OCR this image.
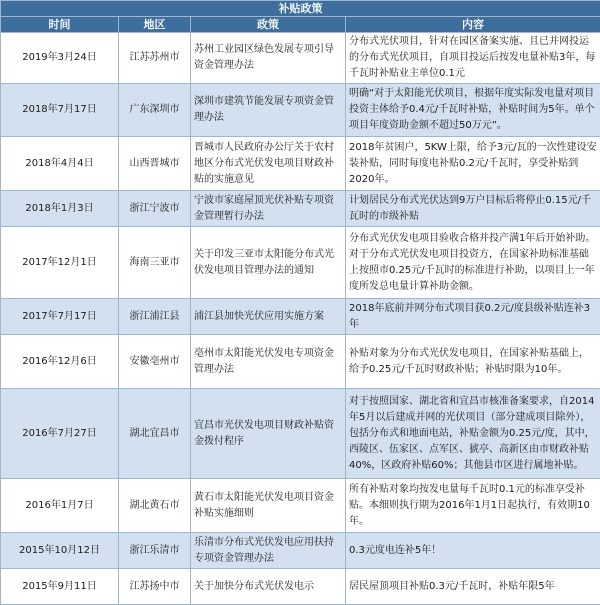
补贴政策			
时间	地区	政策	内容
2019年3月24日	江苏苏州市	苏州工业园区绿色发展专项引导资金管理办法	分布式光伏项目，针对在园区备案实施、且已并网投运的分布式光伏项目，自项目投运后按发电量补贴3年，每千瓦时补贴业主单位0.1元
2018年7月17日	广东深圳市	深圳市建筑节能发展专项资金管理办法	明确“对于太阳能光伏项目，根据年度实际发电量对项目投资主体给予0.4元/千瓦时补贴，补贴时间为5年。单个项目年度资助金额不超过50万元”。
2018年4月4日	山西晋城市	晋城市人民政府办公厅关于农村地区分布式光伏发电项目财政补贴的实施意见	2018年贫困户，5KW上限，给予3元/瓦的一次性建设安装补贴，同时每度电补贴0.2元/千瓦时，享受补贴到2020年。
2018年1月3日	浙江宁波市	宁波市家庭屋顶光伏补贴专项资金管理暂行办法	计划居民分布式光伏达到9万户目标后将停止0.15元/千瓦时的市级补贴
2017年12月1日	海南三亚市	关于印发三亚市太阳能分布式光伏发电项目管理办法的通知	分布式光伏发电项目验收合格并投产满1年后开始补助。对于分布式光伏发电项目投资方，在国家补助标准基础上按照市0.25元/千瓦时的标准进行补助，以项目上一年度所发总电量计算补助金额。
2017年7月17日	浙江浦江县	浦江县加快光伏应用实施方案	2018年底前并网分布式项目获0.2元/度县级补贴连补3年
2016年12月6日	安徽亳州市	亳州市太阳能光伏发电专项资金管理办法	补贴对象为分布式光伏发电项目，在国家补贴基础上，给予0.25元/千瓦时财政补贴；补贴时限为10年。
2016年7月27日	湖北宜昌市	宜昌市光伏发电项目财政补贴资金拨付程序	对于按照国家、湖北省和宜昌市核准备案要求，自2014年5月以后建成并网的光伏项目（部分建成项目除外），包括分布式和地面电站，补贴金额为0.25元/度，其中，西陵区、伍家区、点军区、猇亭、高新区由市财政补贴40%，区政府补贴60%；其他县市区进行属地补贴。
2016年1月7日	湖北黄石市	黄石市太阳能光伏发电项目资金补贴实施细则	所有补贴对象均按发电量每千瓦时0.1元的标准享受补贴。本细则执行期为2016年1月1日起执行，有效期10年。
2015年10月12日	浙江乐清市	乐清市分布式光伏发电应用扶持专项资金管理办法	0.3元度电连补5年！
2015年9月11日	江苏扬中市	关于加快分布式光伏发电示	居民屋顶项目补贴0.3元/千瓦时，补贴年限5年
